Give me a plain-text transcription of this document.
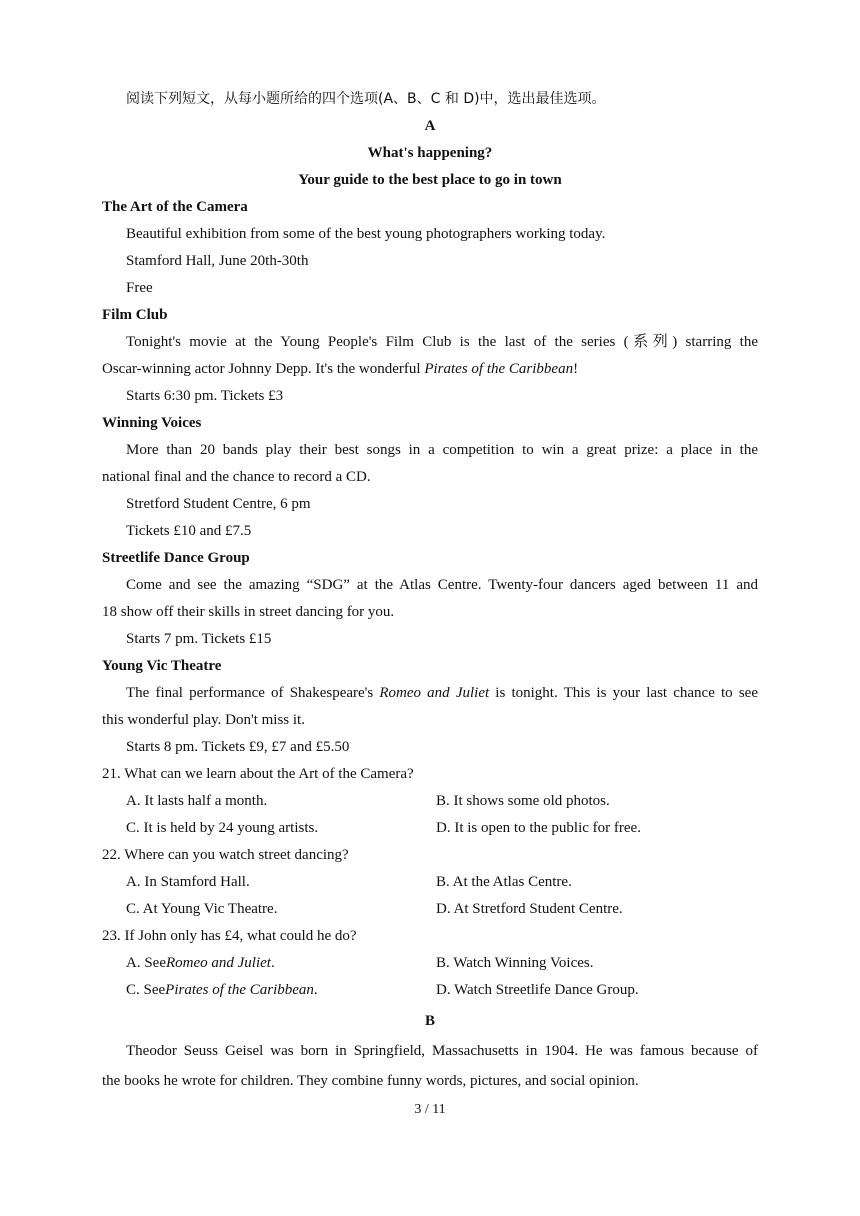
阅读下列短文，从每小题所给的四个选项(A、B、C 和 D)中，选出最佳选项。
A
What's happening?
Your guide to the best place to go in town
The Art of the Camera
Beautiful exhibition from some of the best young photographers working today.
Stamford Hall, June 20th-30th
Free
Film Club
Tonight's movie at the Young People's Film Club is the last of the series (系列) starring the
Oscar-winning actor Johnny Depp. It's the wonderful Pirates of the Caribbean!
Starts 6:30 pm. Tickets £3
Winning Voices
More than 20 bands play their best songs in a competition to win a great prize: a place in the
national final and the chance to record a CD.
Stretford Student Centre, 6 pm
Tickets £10 and £7.5
Streetlife Dance Group
Come and see the amazing “SDG” at the Atlas Centre. Twenty-four dancers aged between 11 and
18 show off their skills in street dancing for you.
Starts 7 pm. Tickets £15
Young Vic Theatre
The final performance of Shakespeare's Romeo and Juliet is tonight. This is your last chance to see
this wonderful play. Don't miss it.
Starts 8 pm. Tickets £9, £7 and £5.50
21. What can we learn about the Art of the Camera?
A. It lasts half a month.	B. It shows some old photos.
C. It is held by 24 young artists.	D. It is open to the public for free.
22. Where can you watch street dancing?
A. In Stamford Hall.	B. At the Atlas Centre.
C. At Young Vic Theatre.	D. At Stretford Student Centre.
23. If John only has £4, what could he do?
A. SeeRomeo and Juliet.	B. Watch Winning Voices.
C. SeePirates of the Caribbean.	D. Watch Streetlife Dance Group.
B
Theodor Seuss Geisel was born in Springfield, Massachusetts in 1904. He was famous because of
the books he wrote for children. They combine funny words, pictures, and social opinion.
3 / 11
